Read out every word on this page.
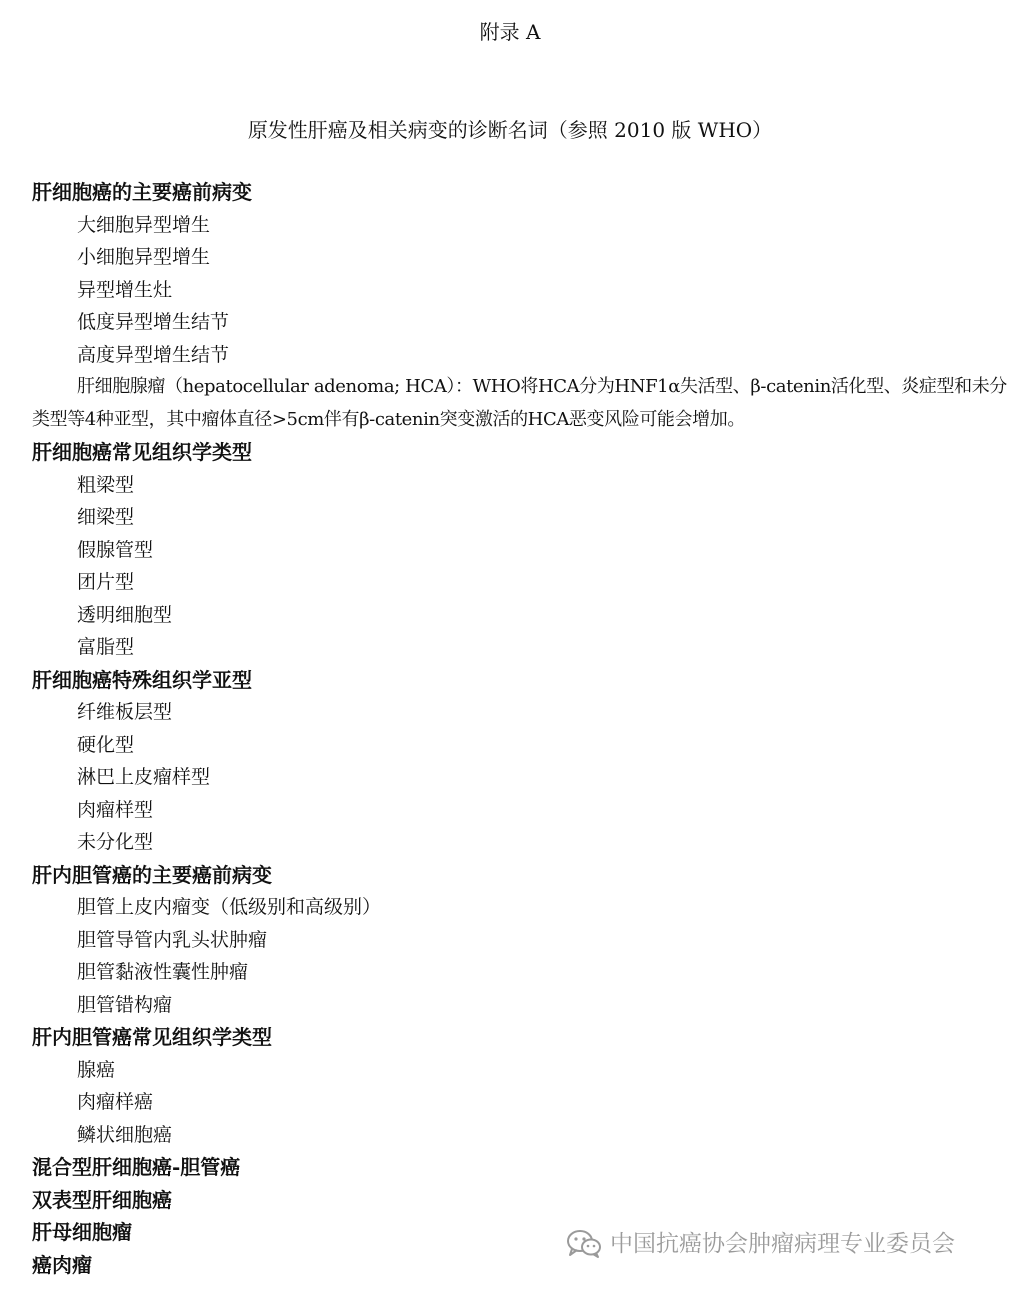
附录 A
原发性肝癌及相关病变的诊断名词（参照 2010 版 WHO）
肝细胞癌的主要癌前病变
大细胞异型增生
小细胞异型增生
异型增生灶
低度异型增生结节
高度异型增生结节
肝细胞腺瘤（hepatocellular adenoma; HCA）：WHO将HCA分为HNF1α失活型、β-catenin活化型、炎症型和未分类型等4种亚型，其中瘤体直径>5cm伴有β-catenin突变激活的HCA恶变风险可能会增加。
肝细胞癌常见组织学类型
粗梁型
细梁型
假腺管型
团片型
透明细胞型
富脂型
肝细胞癌特殊组织学亚型
纤维板层型
硬化型
淋巴上皮瘤样型
肉瘤样型
未分化型
肝内胆管癌的主要癌前病变
胆管上皮内瘤变（低级别和高级别）
胆管导管内乳头状肿瘤
胆管黏液性囊性肿瘤
胆管错构瘤
肝内胆管癌常见组织学类型
腺癌
肉瘤样癌
鳞状细胞癌
混合型肝细胞癌-胆管癌
双表型肝细胞癌
肝母细胞瘤
癌肉瘤
中国抗癌协会肿瘤病理专业委员会
